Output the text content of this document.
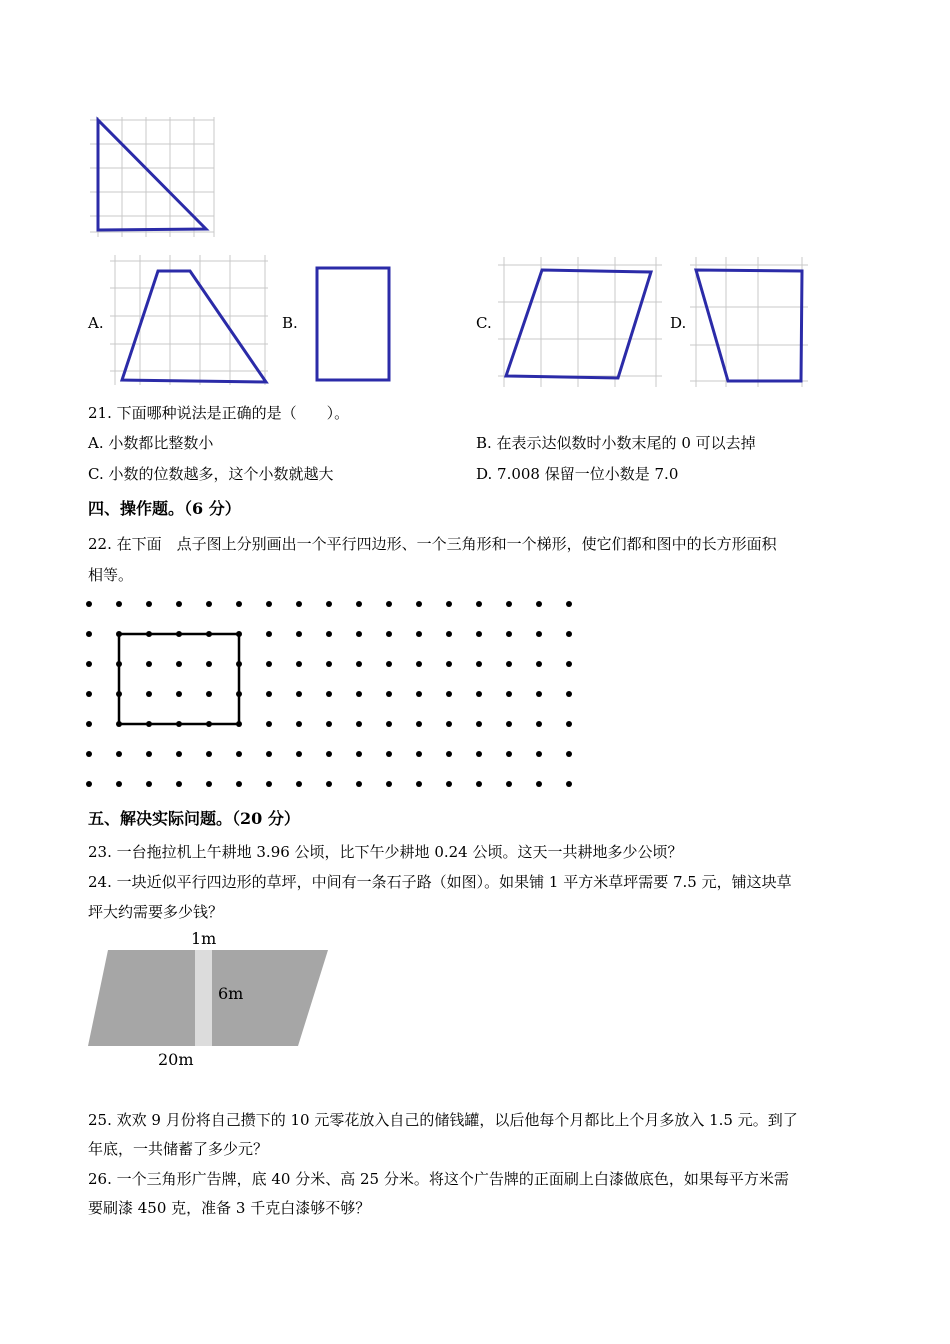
A.	B.	C.	D.
21. 下面哪种说法是正确的是（　　）。
A. 小数都比整数小	B. 在表示达似数时小数末尾的 0 可以去掉
C. 小数的位数越多，这个小数就越大	D. 7.008 保留一位小数是 7.0
四、操作题。（6 分）
22. 在下面　点子图上分别画出一个平行四边形、一个三角形和一个梯形，使它们都和图中的长方形面积
相等。
五、解决实际问题。（20 分）
23. 一台拖拉机上午耕地 3.96 公顷，比下午少耕地 0.24 公顷。这天一共耕地多少公顷？
24. 一块近似平行四边形的草坪，中间有一条石子路（如图）。如果铺 1 平方米草坪需要 7.5 元，铺这块草
坪大约需要多少钱？
1m
6m
20m
25. 欢欢 9 月份将自己攒下的 10 元零花放入自己的储钱罐，以后他每个月都比上个月多放入 1.5 元。到了
年底，一共储蓄了多少元？
26. 一个三角形广告牌，底 40 分米、高 25 分米。将这个广告牌的正面刷上白漆做底色，如果每平方米需
要刷漆 450 克，准备 3 千克白漆够不够？
